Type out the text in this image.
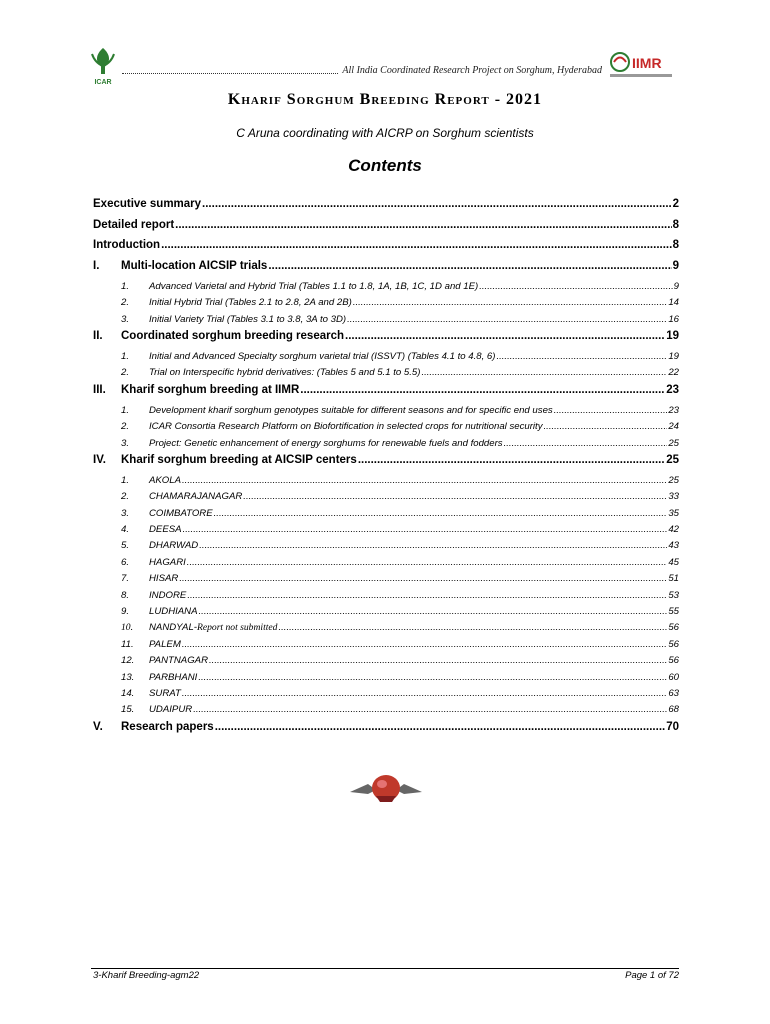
ICAR
All India Coordinated Research Project on Sorghum, Hyderabad IIMR
Kharif Sorghum Breeding Report - 2021
C Aruna coordinating with AICRP on Sorghum scientists
Contents
Executive summary .....	2
Detailed report .....	8
Introduction .....	8
I.	Multi-location AICSIP trials .....	9
1.	Advanced Varietal and Hybrid Trial (Tables 1.1 to 1.8, 1A, 1B, 1C, 1D and 1E) .....	9
2.	Initial Hybrid Trial (Tables 2.1 to 2.8, 2A and 2B) .....	14
3.	Initial Variety Trial (Tables 3.1 to 3.8, 3A to 3D) .....	16
II.	Coordinated sorghum breeding research .....	19
1.	Initial and Advanced Specialty sorghum varietal trial (ISSVT) (Tables 4.1 to 4.8, 6) .....	19
2.	Trial on Interspecific hybrid derivatives: (Tables 5 and 5.1 to 5.5) .....	22
III.	Kharif sorghum breeding at IIMR .....	23
1.	Development kharif sorghum genotypes suitable for different seasons and for specific end uses .....	23
2.	ICAR Consortia Research Platform on Biofortification in selected crops for nutritional security .....	24
3.	Project: Genetic enhancement of energy sorghums for renewable fuels and fodders .....	25
IV.	Kharif sorghum breeding at AICSIP centers .....	25
1.	AKOLA .....	25
2.	CHAMARAJANAGAR .....	33
3.	COIMBATORE .....	35
4.	DEESA .....	42
5.	DHARWAD .....	43
6.	HAGARI .....	45
7.	HISAR .....	51
8.	INDORE .....	53
9.	LUDHIANA .....	55
10.	NANDYAL- Report not submitted .....	56
11.	PALEM .....	56
12.	PANTNAGAR .....	56
13.	PARBHANI .....	60
14.	SURAT .....	63
15.	UDAIPUR .....	68
V.	Research papers .....	70
3-Kharif Breeding-agm22	Page 1 of 72
